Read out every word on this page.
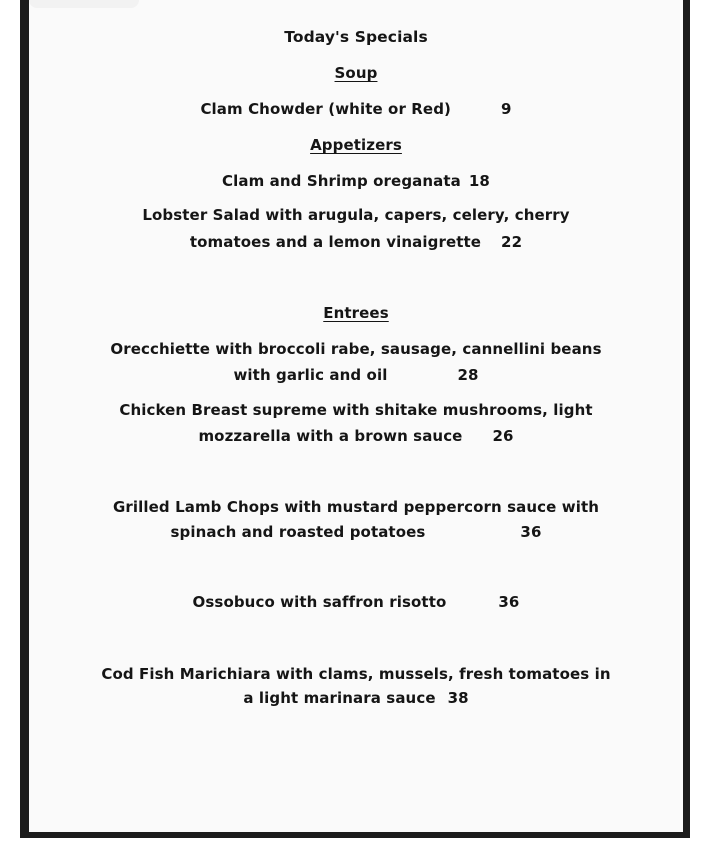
Today's Specials
Soup
Clam Chowder (white or Red)	9
Appetizers
Clam and Shrimp oreganata 18
Lobster Salad with arugula, capers, celery, cherry
tomatoes and a lemon vinaigrette 22
Entrees
Orecchiette with broccoli rabe, sausage, cannellini beans
with garlic and oil	28
Chicken Breast supreme with shitake mushrooms, light
mozzarella with a brown sauce 26
Grilled Lamb Chops with mustard peppercorn sauce with
spinach and roasted potatoes	36
Ossobuco with saffron risotto	36
Cod Fish Marichiara with clams, mussels, fresh tomatoes in
a light marinara sauce 38
